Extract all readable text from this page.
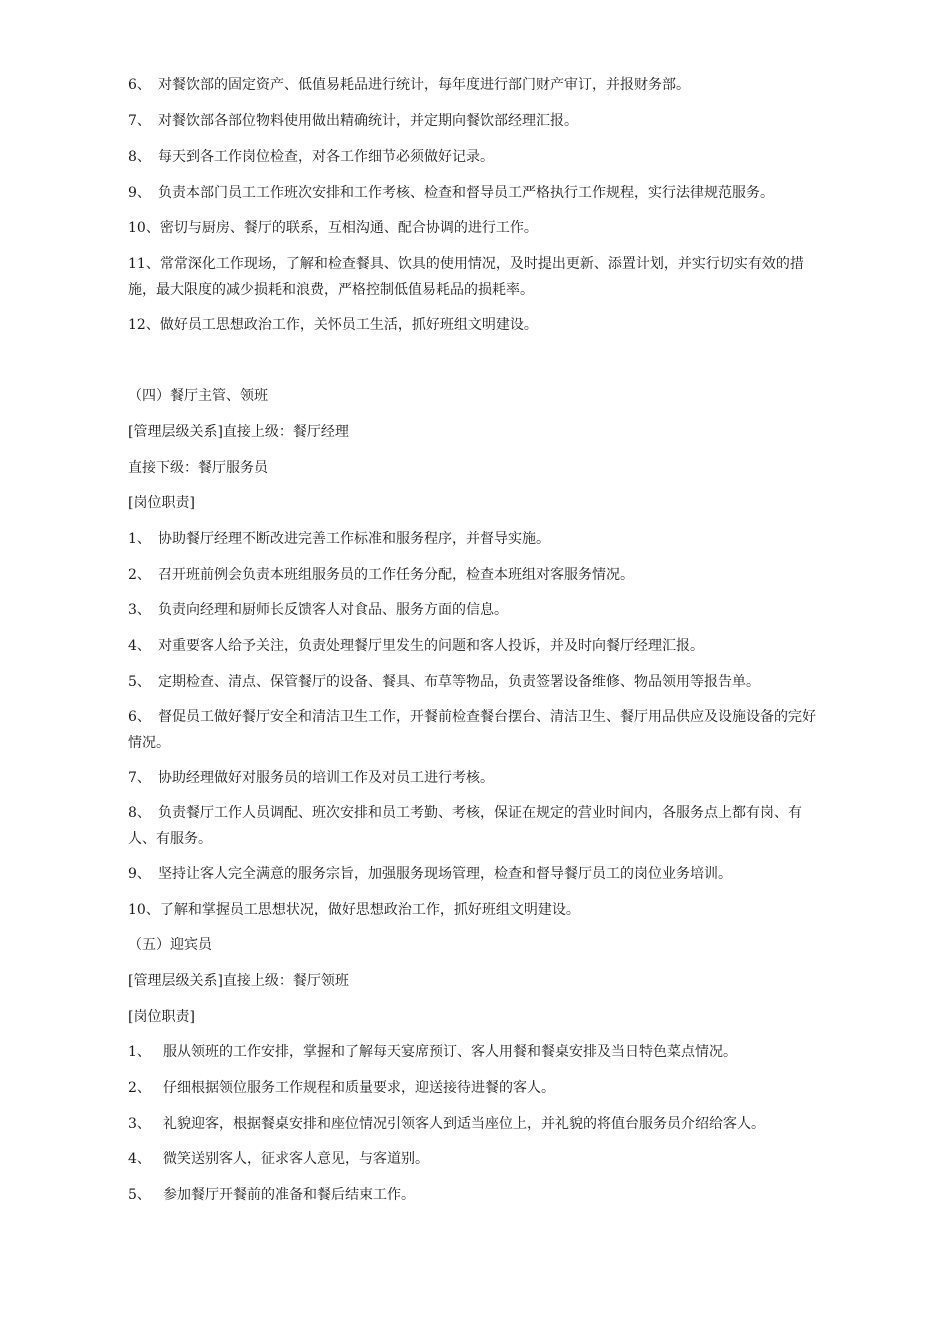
6、 对餐饮部的固定资产、低值易耗品进行统计，每年度进行部门财产审订，并报财务部。
7、 对餐饮部各部位物料使用做出精确统计，并定期向餐饮部经理汇报。
8、 每天到各工作岗位检查，对各工作细节必须做好记录。
9、 负责本部门员工工作班次安排和工作考核、检查和督导员工严格执行工作规程，实行法律规范服务。
10、密切与厨房、餐厅的联系，互相沟通、配合协调的进行工作。
11、常常深化工作现场，了解和检查餐具、饮具的使用情况，及时提出更新、添置计划，并实行切实有效的措施，最大限度的减少损耗和浪费，严格控制低值易耗品的损耗率。
12、做好员工思想政治工作，关怀员工生活，抓好班组文明建设。
（四）餐厅主管、领班
[管理层级关系]直接上级：餐厅经理
直接下级：餐厅服务员
[岗位职责]
1、 协助餐厅经理不断改进完善工作标准和服务程序，并督导实施。
2、 召开班前例会负责本班组服务员的工作任务分配，检查本班组对客服务情况。
3、 负责向经理和厨师长反馈客人对食品、服务方面的信息。
4、 对重要客人给予关注，负责处理餐厅里发生的问题和客人投诉，并及时向餐厅经理汇报。
5、 定期检查、清点、保管餐厅的设备、餐具、布草等物品，负责签署设备维修、物品领用等报告单。
6、 督促员工做好餐厅安全和清洁卫生工作，开餐前检查餐台摆台、清洁卫生、餐厅用品供应及设施设备的完好情况。
7、 协助经理做好对服务员的培训工作及对员工进行考核。
8、 负责餐厅工作人员调配、班次安排和员工考勤、考核，保证在规定的营业时间内，各服务点上都有岗、有人、有服务。
9、 坚持让客人完全满意的服务宗旨，加强服务现场管理，检查和督导餐厅员工的岗位业务培训。
10、了解和掌握员工思想状况，做好思想政治工作，抓好班组文明建设。
（五）迎宾员
[管理层级关系]直接上级：餐厅领班
[岗位职责]
1、 服从领班的工作安排，掌握和了解每天宴席预订、客人用餐和餐桌安排及当日特色菜点情况。
2、 仔细根据领位服务工作规程和质量要求，迎送接待进餐的客人。
3、 礼貌迎客，根据餐桌安排和座位情况引领客人到适当座位上，并礼貌的将值台服务员介绍给客人。
4、 微笑送别客人，征求客人意见，与客道别。
5、 参加餐厅开餐前的准备和餐后结束工作。
